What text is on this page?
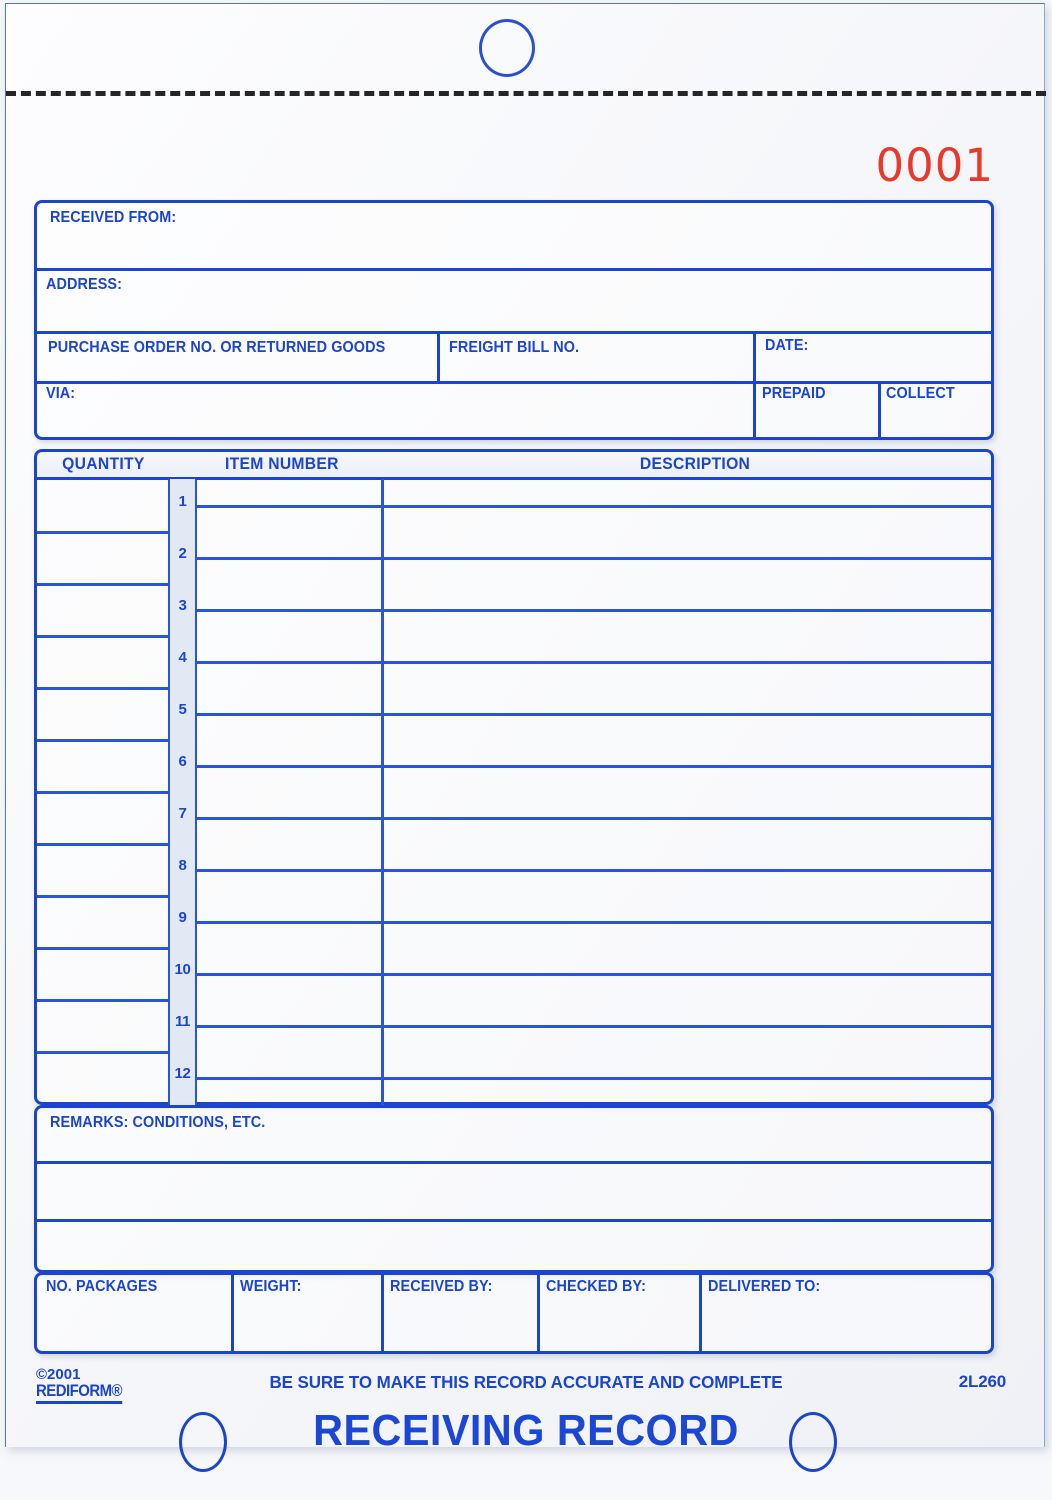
0001
RECEIVED FROM:
ADDRESS:
PURCHASE ORDER NO. OR RETURNED GOODS	FREIGHT BILL NO.	DATE:
VIA:	PREPAID	COLLECT
QUANTITY	ITEM NUMBER	DESCRIPTION
1
2
3
4
5
6
7
8
9
10
11
12
REMARKS: CONDITIONS, ETC.
NO. PACKAGES	WEIGHT:	RECEIVED BY:	CHECKED BY:	DELIVERED TO:
©2001
REDIFORM®	BE SURE TO MAKE THIS RECORD ACCURATE AND COMPLETE	2L260
RECEIVING RECORD
